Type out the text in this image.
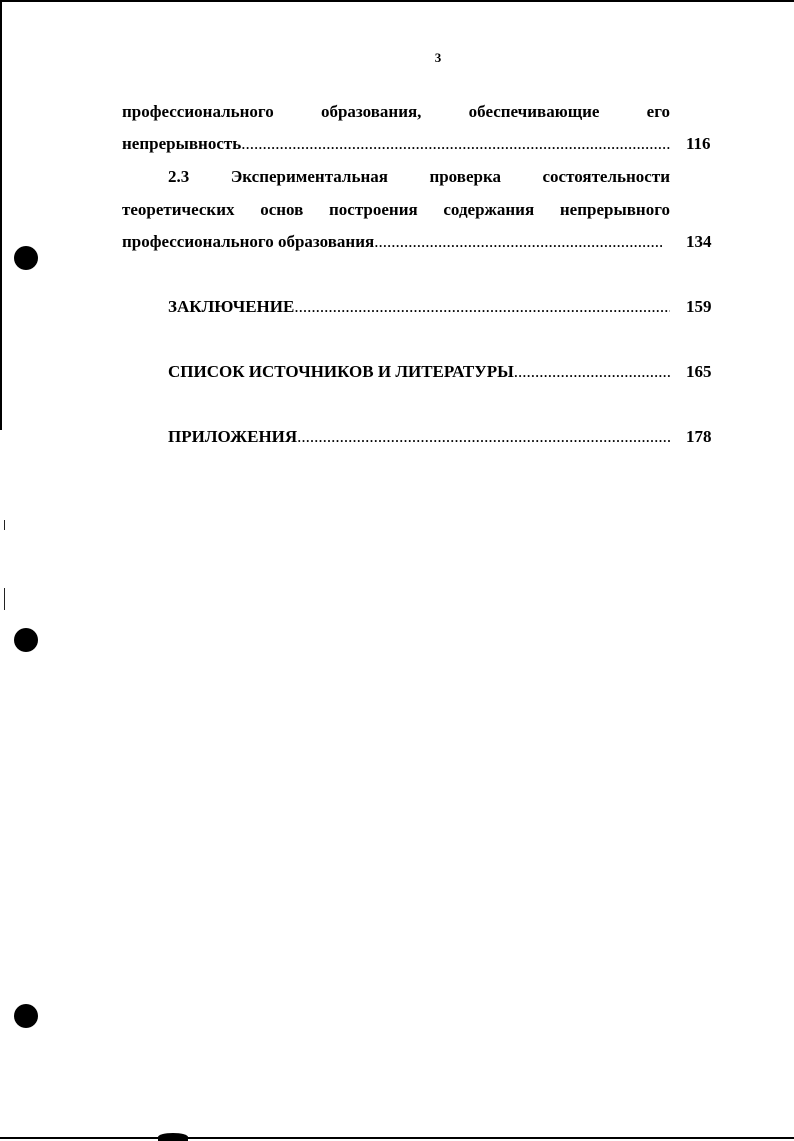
3
профессионального	образования,	обеспечивающие	его
непрерывность .....	116
2.3 Экспериментальная проверка состоятельности
теоретических основ построения содержания непрерывного
профессионального образования .....	134
ЗАКЛЮЧЕНИЕ .....	159
СПИСОК ИСТОЧНИКОВ И ЛИТЕРАТУРЫ .....	165
ПРИЛОЖЕНИЯ .....	178
